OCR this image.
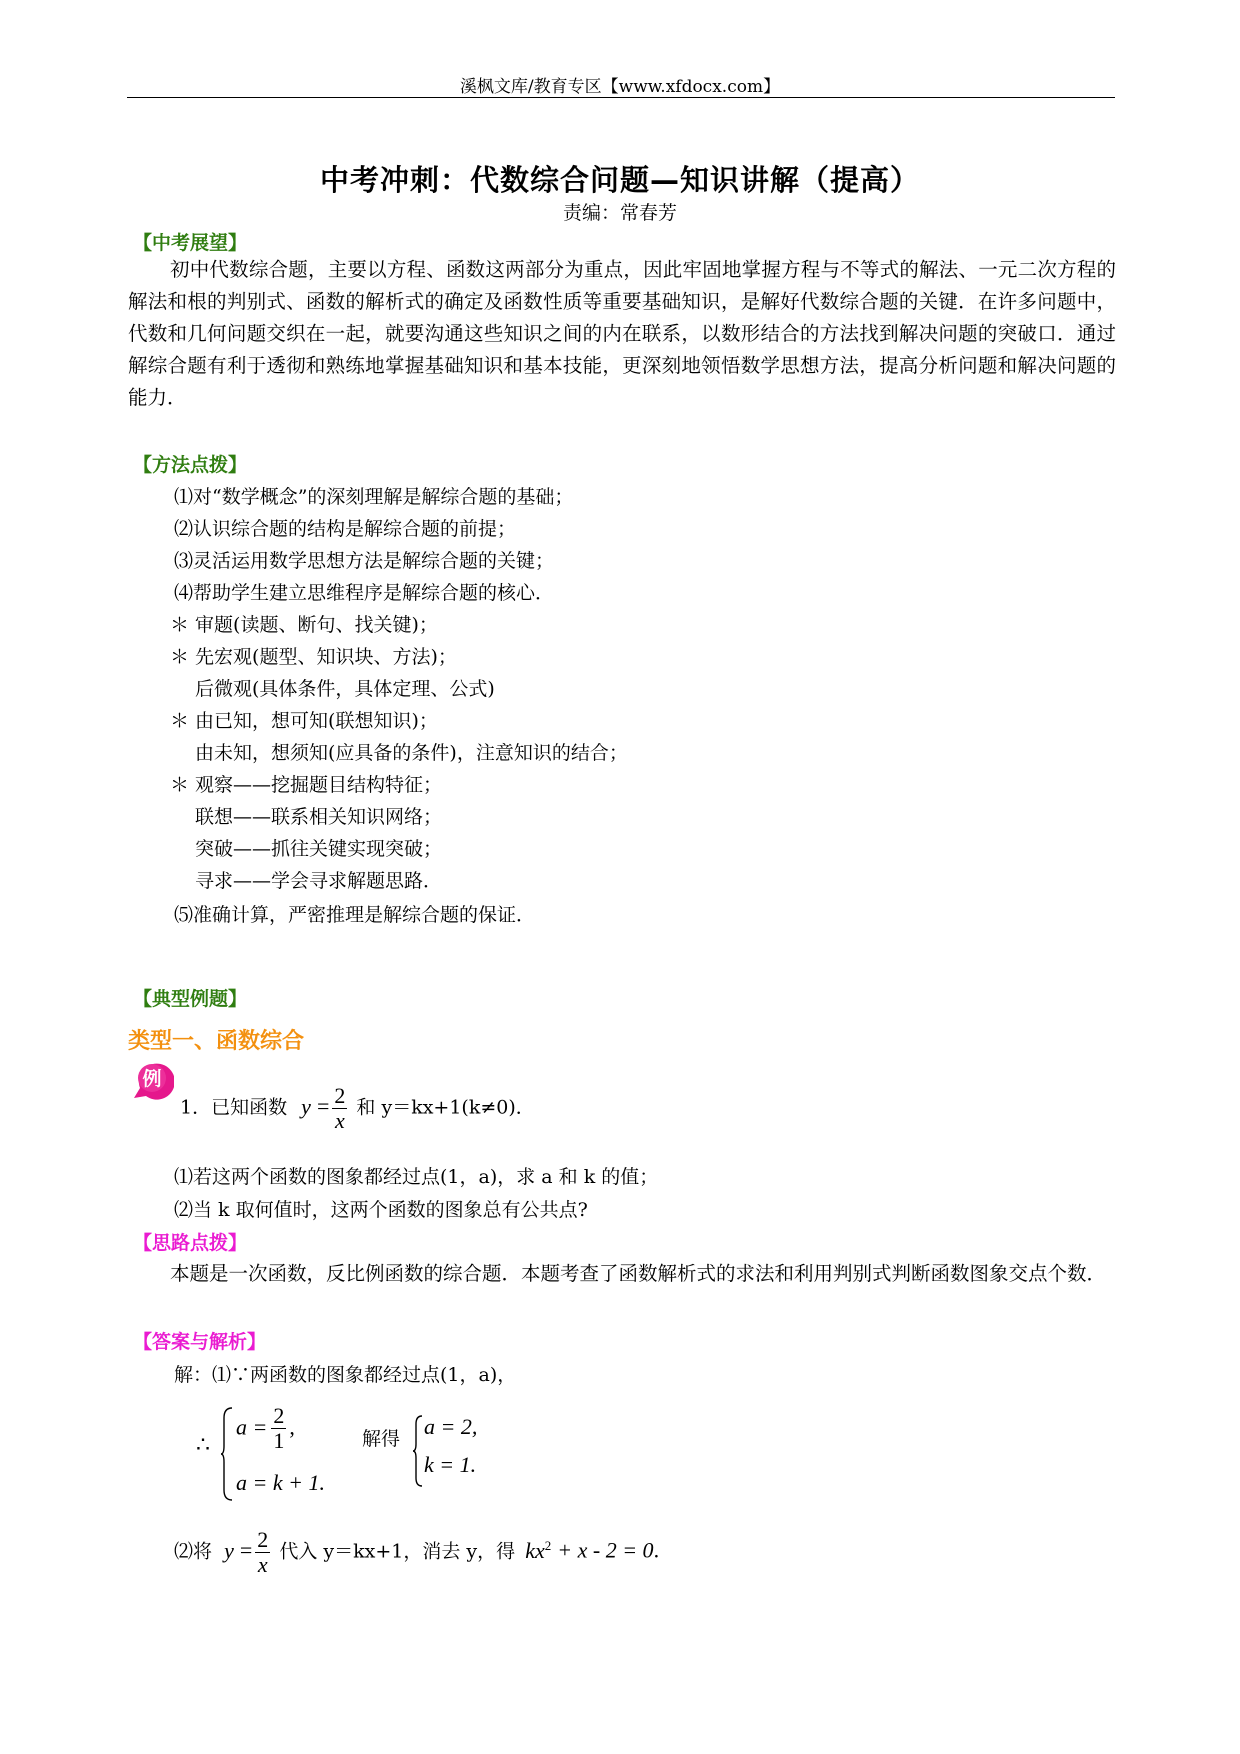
溪枫文库/教育专区【www.xfdocx.com】
中考冲刺：代数综合问题—知识讲解（提高）
责编：常春芳
【中考展望】

初中代数综合题，主要以方程、函数这两部分为重点，因此牢固地掌握方程与不等式的解法、一元二次方程的解法和根的判别式、函数的解析式的确定及函数性质等重要基础知识，是解好代数综合题的关键．在许多问题中，代数和几何问题交织在一起，就要沟通这些知识之间的内在联系，以数形结合的方法找到解决问题的突破口．通过解综合题有利于透彻和熟练地掌握基础知识和基本技能，更深刻地领悟数学思想方法，提高分析问题和解决问题的能力．

【方法点拨】
⑴对“数学概念”的深刻理解是解综合题的基础；
⑵认识综合题的结构是解综合题的前提；
⑶灵活运用数学思想方法是解综合题的关键；
⑷帮助学生建立思维程序是解综合题的核心．
＊ 审题(读题、断句、找关键)；
＊ 先宏观(题型、知识块、方法)；
后微观(具体条件，具体定理、公式)
＊ 由已知，想可知(联想知识)；
由未知，想须知(应具备的条件)，注意知识的结合；
＊ 观察——挖掘题目结构特征；
联想——联系相关知识网络；
突破——抓往关键实现突破；
寻求——学会寻求解题思路．
⑸准确计算，严密推理是解综合题的保证．
【典型例题】
类型一、函数综合
例
1．已知函数 $y = \frac{2}{x}$ 和 y＝kx+1(k≠0)．
⑴若这两个函数的图象都经过点(1，a)，求 a 和 k 的值；
⑵当 k 取何值时，这两个函数的图象总有公共点?
【思路点拨】

本题是一次函数，反比例函数的综合题．本题考查了函数解析式的求法和利用判别式判断函数图象交点个数．

【答案与解析】
解：⑴∵两函数的图象都经过点(1，a)，
∴
$a = \frac{2}{1}$ ,
a = k + 1.
解得 a = 2,
k = 1.
⑵将 $y = \frac{2}{x}$ 代入 y＝kx+1，消去 y，得 $kx^2 + x - 2 = 0$.
